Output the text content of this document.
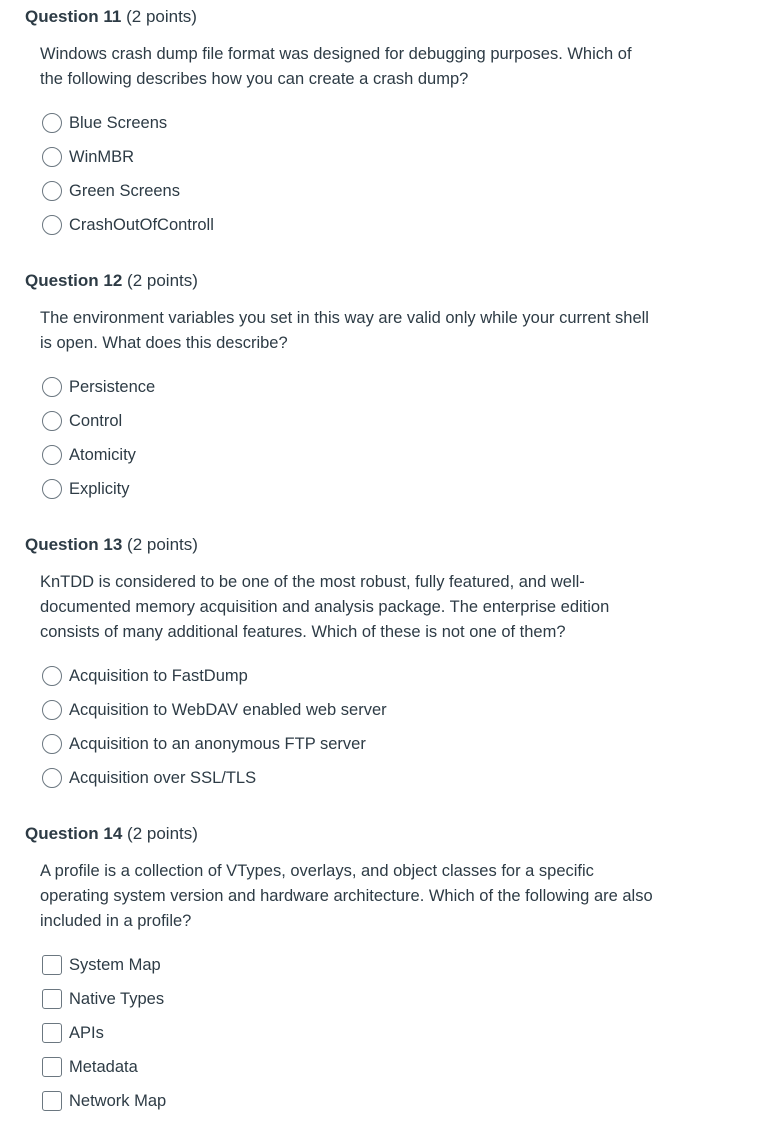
Question 11 (2 points)
Windows crash dump file format was designed for debugging purposes. Which of
the following describes how you can create a crash dump?
Blue Screens
WinMBR
Green Screens
CrashOutOfControll
Question 12 (2 points)
The environment variables you set in this way are valid only while your current shell
is open. What does this describe?
Persistence
Control
Atomicity
Explicity
Question 13 (2 points)
KnTDD is considered to be one of the most robust, fully featured, and well-
documented memory acquisition and analysis package. The enterprise edition
consists of many additional features. Which of these is not one of them?
Acquisition to FastDump
Acquisition to WebDAV enabled web server
Acquisition to an anonymous FTP server
Acquisition over SSL/TLS
Question 14 (2 points)
A profile is a collection of VTypes, overlays, and object classes for a specific
operating system version and hardware architecture. Which of the following are also
included in a profile?
System Map
Native Types
APIs
Metadata
Network Map
